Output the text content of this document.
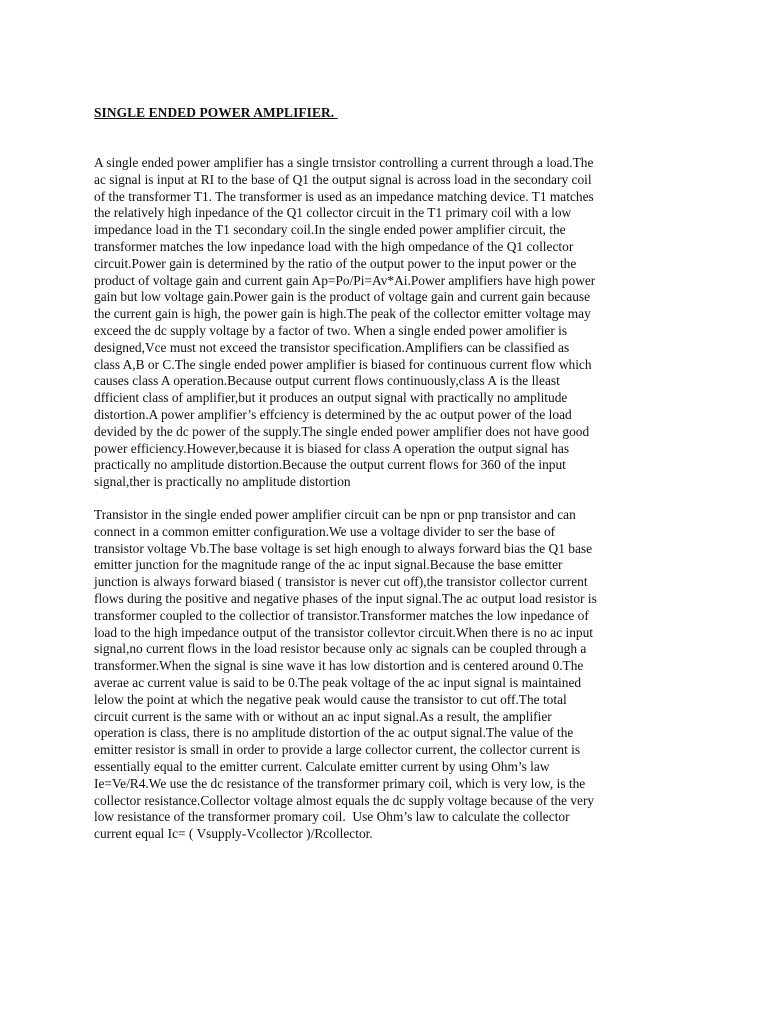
SINGLE ENDED POWER AMPLIFIER.
A single ended power amplifier has a single trnsistor controlling a current through a load.The
ac signal is input at RI to the base of Q1 the output signal is across load in the secondary coil
of the transformer T1. The transformer is used as an impedance matching device. T1 matches
the relatively high inpedance of the Q1 collector circuit in the T1 primary coil with a low
impedance load in the T1 secondary coil.In the single ended power amplifier circuit, the
transformer matches the low inpedance load with the high ompedance of the Q1 collector
circuit.Power gain is determined by the ratio of the output power to the input power or the
product of voltage gain and current gain Ap=Po/Pi=Av*Ai.Power amplifiers have high power
gain but low voltage gain.Power gain is the product of voltage gain and current gain because
the current gain is high, the power gain is high.The peak of the collector emitter voltage may
exceed the dc supply voltage by a factor of two. When a single ended power amolifier is
designed,Vce must not exceed the transistor specification.Amplifiers can be classified as
class A,B or C.The single ended power amplifier is biased for continuous current flow which
causes class A operation.Because output current flows continuously,class A is the lleast
dfficient class of amplifier,but it produces an output signal with practically no amplitude
distortion.A power amplifier’s effciency is determined by the ac output power of the load
devided by the dc power of the supply.The single ended power amplifier does not have good
power efficiency.However,because it is biased for class A operation the output signal has
practically no amplitude distortion.Because the output current flows for 360 of the input
signal,ther is practically no amplitude distortion
Transistor in the single ended power amplifier circuit can be npn or pnp transistor and can
connect in a common emitter configuration.We use a voltage divider to ser the base of
transistor voltage Vb.The base voltage is set high enough to always forward bias the Q1 base
emitter junction for the magnitude range of the ac input signal.Because the base emitter
junction is always forward biased ( transistor is never cut off),the transistor collector current
flows during the positive and negative phases of the input signal.The ac output load resistor is
transformer coupled to the collectior of transistor.Transformer matches the low inpedance of
load to the high impedance output of the transistor collevtor circuit.When there is no ac input
signal,no current flows in the load resistor because only ac signals can be coupled through a
transformer.When the signal is sine wave it has low distortion and is centered around 0.The
averae ac current value is said to be 0.The peak voltage of the ac input signal is maintained
lelow the point at which the negative peak would cause the transistor to cut off.The total
circuit current is the same with or without an ac input signal.As a result, the amplifier
operation is class, there is no amplitude distortion of the ac output signal.The value of the
emitter resistor is small in order to provide a large collector current, the collector current is
essentially equal to the emitter current. Calculate emitter current by using Ohm’s law
Ie=Ve/R4.We use the dc resistance of the transformer primary coil, which is very low, is the
collector resistance.Collector voltage almost equals the dc supply voltage because of the very
low resistance of the transformer promary coil.  Use Ohm’s law to calculate the collector
current equal Ic= ( Vsupply-Vcollector )/Rcollector.
